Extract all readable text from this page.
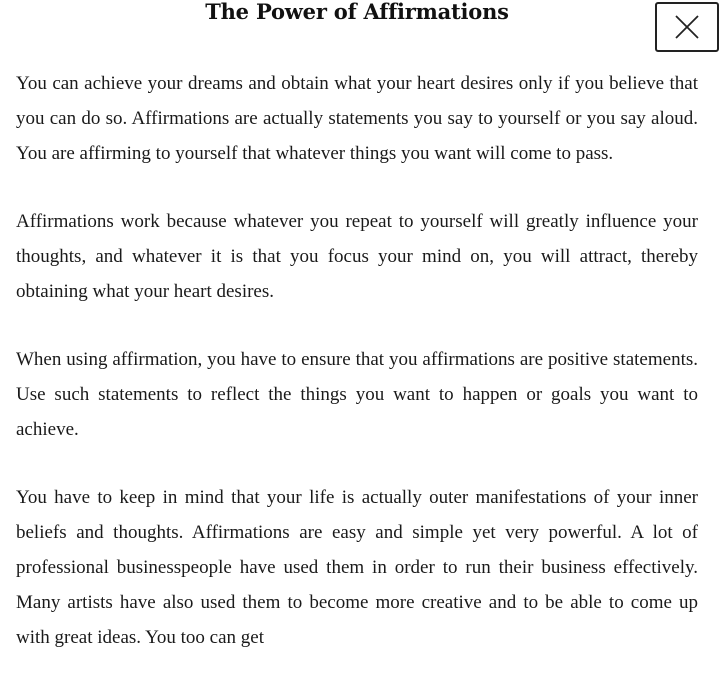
The Power of Affirmations

You can achieve your dreams and obtain what your heart desires only if you believe that you can do so. Affirmations are actually statements you say to yourself or you say aloud. You are affirming to yourself that whatever things you want will come to pass.

Affirmations work because whatever you repeat to yourself will greatly influence your thoughts, and whatever it is that you focus your mind on, you will attract, thereby obtaining what your heart desires.

When using affirmation, you have to ensure that you affirmations are positive statements. Use such statements to reflect the things you want to happen or goals you want to achieve.

You have to keep in mind that your life is actually outer manifestations of your inner beliefs and thoughts. Affirmations are easy and simple yet very powerful. A lot of professional businesspeople have used them in order to run their business effectively. Many artists have also used them to become more creative and to be able to come up with great ideas. You too can get
